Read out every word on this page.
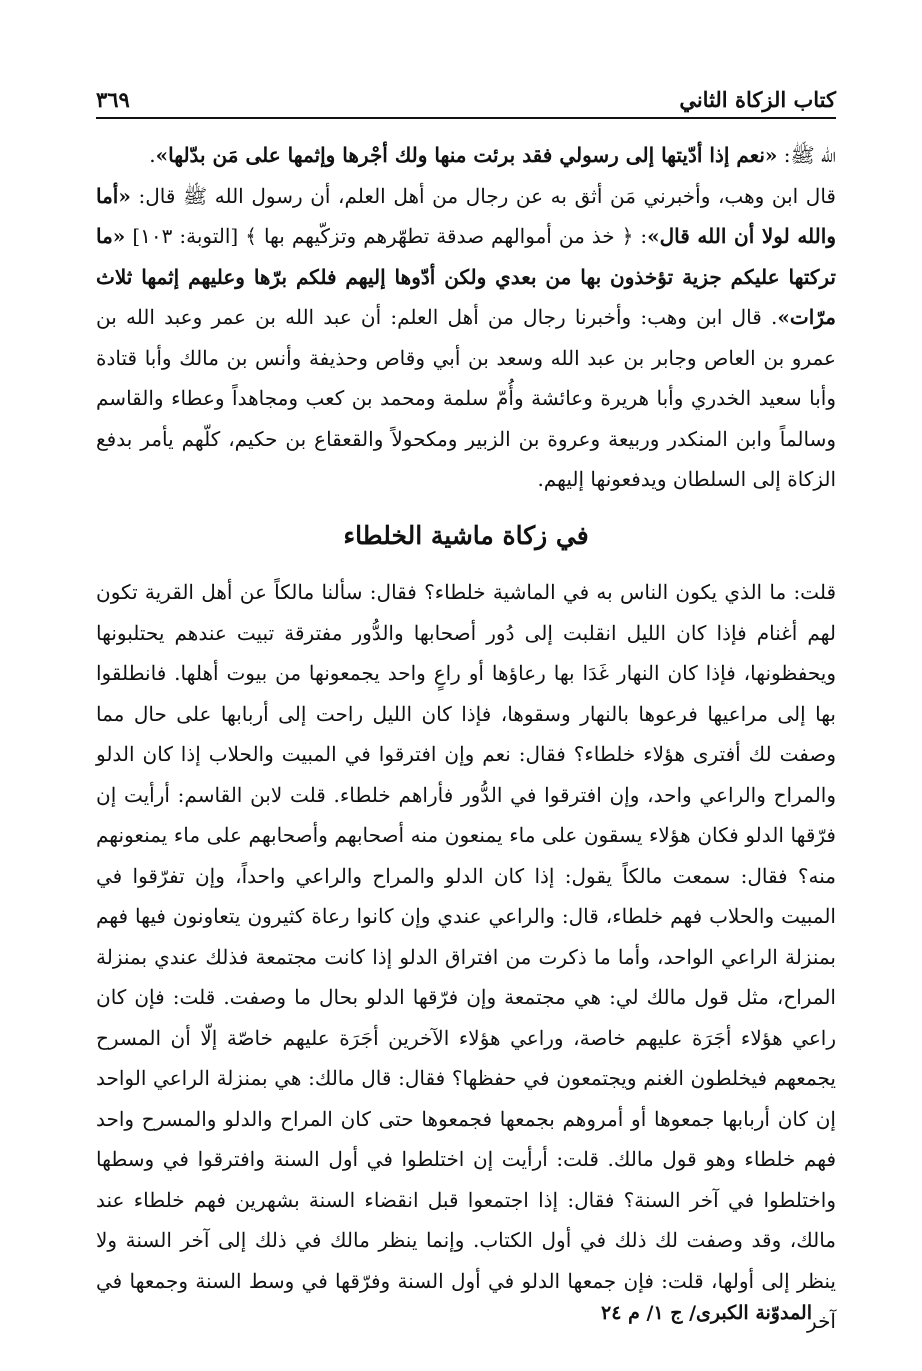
كتاب الزكاة الثاني
٣٦٩

الله ﷺ: «نعم إذا أدّيتها إلى رسولي فقد برئت منها ولك أجْرها وإثمها على مَن بدّلها».

قال ابن وهب، وأخبرني مَن أثق به عن رجال من أهل العلم، أن رسول الله ﷺ قال: «أما والله لولا أن الله قال»: ﴿ خذ من أموالهم صدقة تطهّرهم وتزكّيهم بها ﴾ [التوبة: ١٠٣] «ما تركتها عليكم جزية تؤخذون بها من بعدي ولكن أدّوها إليهم فلكم برّها وعليهم إثمها ثلاث مرّات». قال ابن وهب: وأخبرنا رجال من أهل العلم: أن عبد الله بن عمر وعبد الله بن عمرو بن العاص وجابر بن عبد الله وسعد بن أبي وقاص وحذيفة وأنس بن مالك وأبا قتادة وأبا سعيد الخدري وأبا هريرة وعائشة وأُمّ سلمة ومحمد بن كعب ومجاهداً وعطاء والقاسم وسالماً وابن المنكدر وربيعة وعروة بن الزبير ومكحولاً والقعقاع بن حكيم، كلّهم يأمر بدفع الزكاة إلى السلطان ويدفعونها إليهم.

في زكاة ماشية الخلطاء

قلت: ما الذي يكون الناس به في الماشية خلطاء؟ فقال: سألنا مالكاً عن أهل القرية تكون لهم أغنام فإذا كان الليل انقلبت إلى دُور أصحابها والدُّور مفترقة تبيت عندهم يحتلبونها ويحفظونها، فإذا كان النهار غَدَا بها رعاؤها أو راعٍ واحد يجمعونها من بيوت أهلها. فانطلقوا بها إلى مراعيها فرعوها بالنهار وسقوها، فإذا كان الليل راحت إلى أربابها على حال مما وصفت لك أفترى هؤلاء خلطاء؟ فقال: نعم وإن افترقوا في المبيت والحلاب إذا كان الدلو والمراح والراعي واحد، وإن افترقوا في الدُّور فأراهم خلطاء. قلت لابن القاسم: أرأيت إن فرّقها الدلو فكان هؤلاء يسقون على ماء يمنعون منه أصحابهم وأصحابهم على ماء يمنعونهم منه؟ فقال: سمعت مالكاً يقول: إذا كان الدلو والمراح والراعي واحداً، وإن تفرّقوا في المبيت والحلاب فهم خلطاء، قال: والراعي عندي وإن كانوا رعاة كثيرون يتعاونون فيها فهم بمنزلة الراعي الواحد، وأما ما ذكرت من افتراق الدلو إذا كانت مجتمعة فذلك عندي بمنزلة المراح، مثل قول مالك لي: هي مجتمعة وإن فرّقها الدلو بحال ما وصفت. قلت: فإن كان راعي هؤلاء أجَرَة عليهم خاصة، وراعي هؤلاء الآخرين أجَرَة عليهم خاصّة إلّا أن المسرح يجمعهم فيخلطون الغنم ويجتمعون في حفظها؟ فقال: قال مالك: هي بمنزلة الراعي الواحد إن كان أربابها جمعوها أو أمروهم بجمعها فجمعوها حتى كان المراح والدلو والمسرح واحد فهم خلطاء وهو قول مالك. قلت: أرأيت إن اختلطوا في أول السنة وافترقوا في وسطها واختلطوا في آخر السنة؟ فقال: إذا اجتمعوا قبل انقضاء السنة بشهرين فهم خلطاء عند مالك، وقد وصفت لك ذلك في أول الكتاب. وإنما ينظر مالك في ذلك إلى آخر السنة ولا ينظر إلى أولها، قلت: فإن جمعها الدلو في أول السنة وفرّقها في وسط السنة وجمعها في آخر

المدوّنة الكبرى/ ج ١/ م ٢٤
